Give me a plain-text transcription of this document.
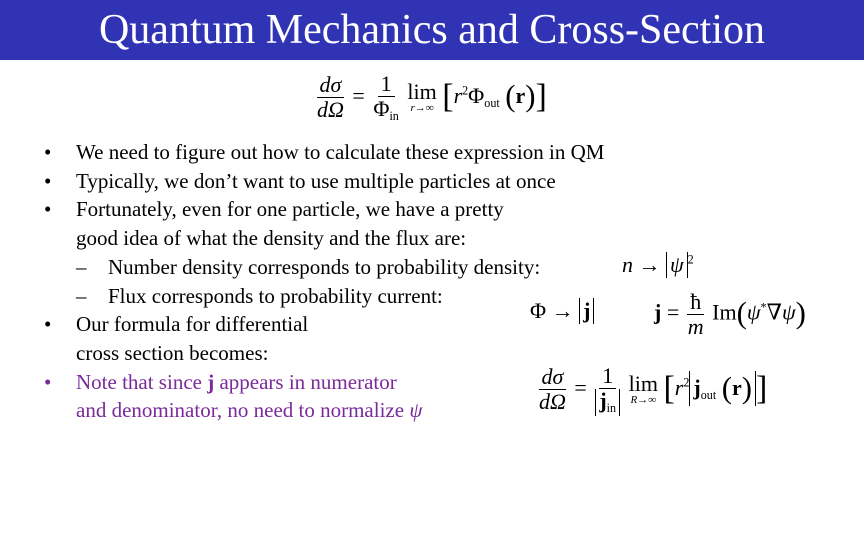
Quantum Mechanics and Cross-Section
$\frac{d\sigma}{d\Omega} = \frac{1}{\Phi_{in}}$
lim
r→∞ [$r^2\Phi_{out}$ (r)]
• We need to figure out how to calculate these expression in QM
• Typically, we don’t want to use multiple particles at once
• Fortunately, even for one particle, we have a pretty
good idea of what the density and the flux are:
– Number density corresponds to probability density:
– Flux corresponds to probability current:
• Our formula for differential
cross section becomes:
• Note that since j appears in numerator
and denominator, no need to normalize ψ
n → ψ $^2$
Φ → j	$j = \frac{ħ}{m} Im(\psi^*\nabla\psi)$
$\frac{d\sigma}{d\Omega} = \frac{1}{j_{in}}$
lim
R→∞ [$r^2$ $j_{out}$ (r) ]
